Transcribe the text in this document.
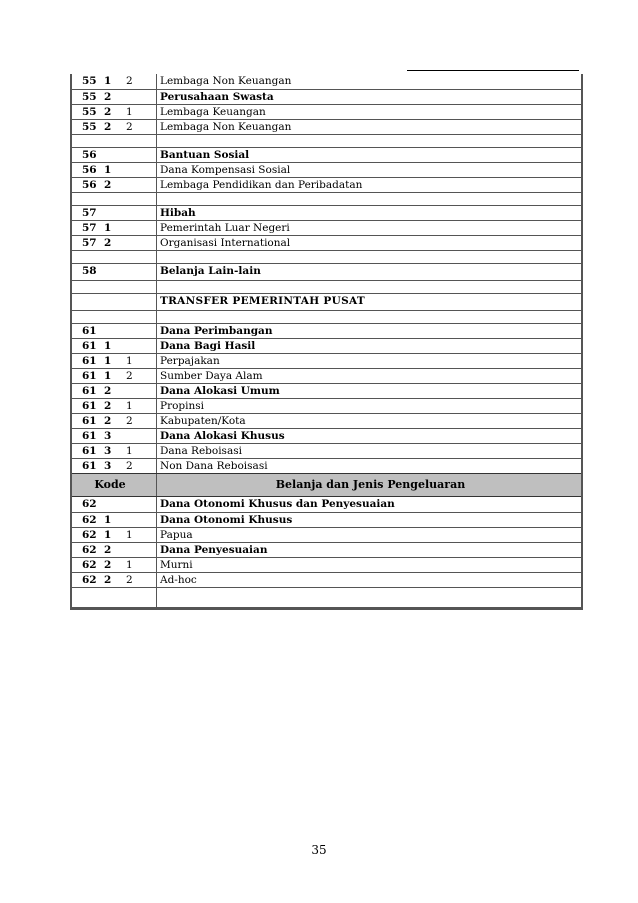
55 1 2	Lembaga Non Keuangan
55 2	Perusahaan Swasta
55 2 1	Lembaga Keuangan
55 2 2	Lembaga Non Keuangan
56	Bantuan Sosial
56 1	Dana Kompensasi Sosial
56 2	Lembaga Pendidikan dan Peribadatan
57	Hibah
57 1	Pemerintah Luar Negeri
57 2	Organisasi International
58	Belanja Lain-lain
TRANSFER PEMERINTAH PUSAT
61	Dana Perimbangan
61 1	Dana Bagi Hasil
61 1 1	Perpajakan
61 1 2	Sumber Daya Alam
61 2	Dana Alokasi Umum
61 2 1	Propinsi
61 2 2	Kabupaten/Kota
61 3	Dana Alokasi Khusus
61 3 1	Dana Reboisasi
61 3 2	Non Dana Reboisasi
Kode	Belanja dan Jenis Pengeluaran
62	Dana Otonomi Khusus dan Penyesuaian
62 1	Dana Otonomi Khusus
62 1 1	Papua
62 2	Dana Penyesuaian
62 2 1	Murni
62 2 2	Ad-hoc
35
